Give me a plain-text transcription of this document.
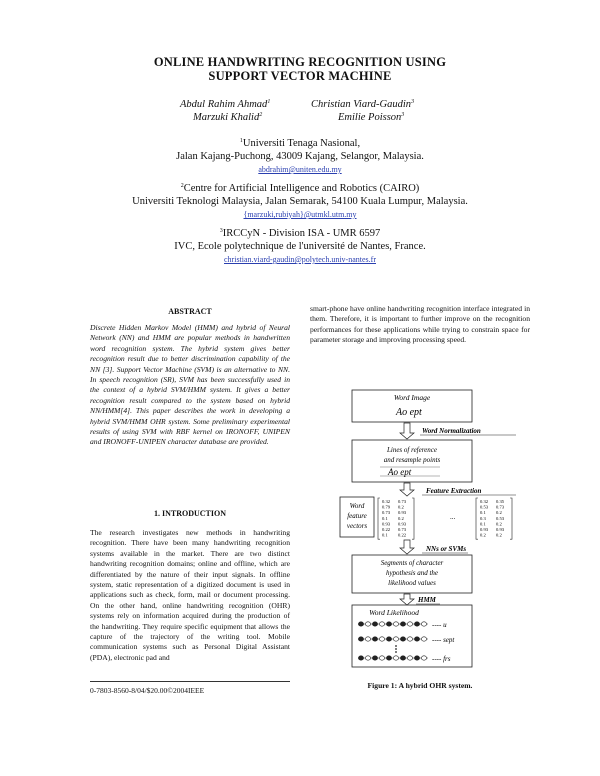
ONLINE HANDWRITING RECOGNITION USING
SUPPORT VECTOR MACHINE
Abdul Rahim Ahmad$^1$	Christian Viard-Gaudin$^3$
Marzuki Khalid$^2$	Emilie Poisson$^3$
$^1$Universiti Tenaga Nasional,
Jalan Kajang-Puchong, 43009 Kajang, Selangor, Malaysia.
abdrahim@uniten.edu.my
$^2$Centre for Artificial Intelligence and Robotics (CAIRO)
Universiti Teknologi Malaysia, Jalan Semarak, 54100 Kuala Lumpur, Malaysia.
{marzuki,rubiyah}@utmkl.utm.my
$^3$IRCCyN - Division ISA - UMR 6597
IVC, Ecole polytechnique de l'université de Nantes, France.
christian.viard-gaudin@polytech.univ-nantes.fr
ABSTRACT
Discrete Hidden Markov Model (HMM) and hybrid of Neural Network (NN) and HMM are popular methods in handwritten word recognition system. The hybrid system gives better recognition result due to better discrimination capability of the NN [3]. Support Vector Machine (SVM) is an alternative to NN. In speech recognition (SR), SVM has been successfully used in the context of a hybrid SVM/HMM system. It gives a better recognition result compared to the system based on hybrid NN/HMM[4]. This paper describes the work in developing a hybrid SVM/HMM OHR system. Some preliminary experimental results of using SVM with RBF kernel on IRONOFF, UNIPEN and IRONOFF-UNIPEN character database are provided.
1. INTRODUCTION
The research investigates new methods in handwriting recognition. There have been many handwriting recognition systems available in the market. There are two distinct handwriting recognition domains; online and offline, which are differentiated by the nature of their input signals. In offline system, static representation of a digitized document is used in applications such as check, form, mail or document processing. On the other hand, online handwriting recognition (OHR) systems rely on information acquired during the production of the handwriting. They require specific equipment that allows the capture of the trajectory of the writing tool. Mobile communication systems such as Personal Digital Assistant (PDA), electronic pad and
smart-phone have online handwriting recognition interface integrated in them. Therefore, it is important to further improve on the recognition performances for these applications while trying to constrain space for parameter storage and improving processing speed.
Word Image
Ao ept
Word Normalization
Lines of reference
and resample points
Ao ept
Feature Extraction
Word
feature
vectors
0.32 0.73
0.79 0.2
0.73 0.93
0.1 0.2
0.93 0.93
0.22 0.73
0.1 0.22
...
0.32 0.35
0.53 0.73
0.1 0.2
0.3 0.53
0.1 0.2
0.93 0.93
0.2 0.2
NNs or SVMs
Segments of character
hypothesis and the
likelihood values
HMM
Word Likelihood
---- u
---- sept
---- frs
Figure 1: A hybrid OHR system.
0-7803-8560-8/04/$20.00©2004IEEE
